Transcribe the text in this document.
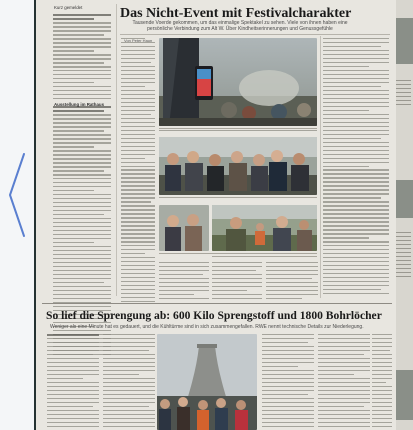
Kurz gemeldet	Das Nicht-Event mit Festivalcharakter
Tausende Voerde gekommen, um das einmalige Spektakel zu sehen. Viele von ihnen haben eine persönliche Verbindung zum Alt W. Über Kindheitserinnerungen und Genussgefühle
Ausstellung im Rathaus
Von Peter Haun
So lief die Sprengung ab: 600 Kilo Sprengstoff und 1800 Bohrlöcher
Weniger als eine Minute hat es gedauert, und die Kühltürme sind in sich zusammengefallen. RWE nennt technische Details zur Niederlegung.
